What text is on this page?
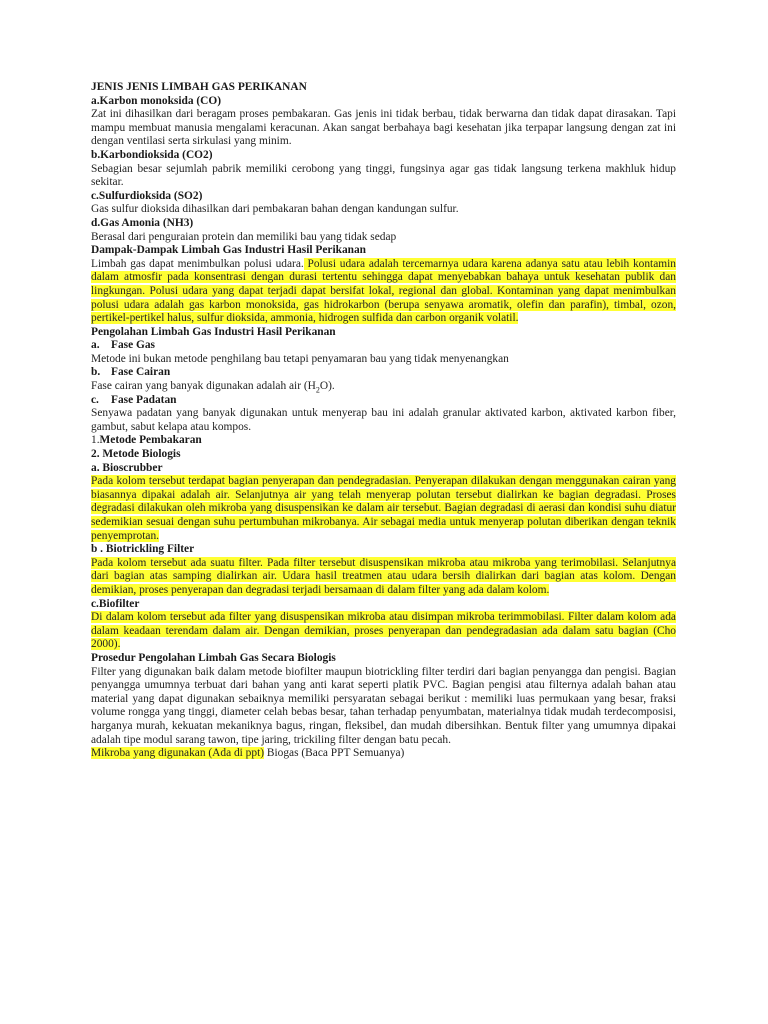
JENIS JENIS LIMBAH GAS PERIKANAN
a.Karbon monoksida (CO)

Zat ini dihasilkan dari beragam proses pembakaran. Gas jenis ini tidak berbau, tidak berwarna dan tidak dapat dirasakan. Tapi mampu membuat manusia mengalami keracunan. Akan sangat berbahaya bagi kesehatan jika terpapar langsung dengan zat ini dengan ventilasi serta sirkulasi yang minim.

b.Karbondioksida (CO2)

Sebagian besar sejumlah pabrik memiliki cerobong yang tinggi, fungsinya agar gas tidak langsung terkena makhluk hidup sekitar.

c.Sulfurdioksida (SO2)

Gas sulfur dioksida dihasilkan dari pembakaran bahan dengan kandungan sulfur.

d.Gas Amonia (NH3)

Berasal dari penguraian protein dan memiliki bau yang tidak sedap

Dampak-Dampak Limbah Gas Industri Hasil Perikanan

Limbah gas dapat menimbulkan polusi udara. Polusi udara adalah tercemarnya udara karena adanya satu atau lebih kontamin dalam atmosfir pada konsentrasi dengan durasi tertentu sehingga dapat menyebabkan bahaya untuk kesehatan publik dan lingkungan. Polusi udara yang dapat terjadi dapat bersifat lokal, regional dan global. Kontaminan yang dapat menimbulkan polusi udara adalah gas karbon monoksida, gas hidrokarbon (berupa senyawa aromatik, olefin dan parafin), timbal, ozon, pertikel-pertikel halus, sulfur dioksida, ammonia, hidrogen sulfida dan carbon organik volatil.

Pengolahan Limbah Gas Industri Hasil Perikanan
a. Fase Gas

Metode ini bukan metode penghilang bau tetapi penyamaran bau yang tidak menyenangkan

b. Fase Cairan

Fase cairan yang banyak digunakan adalah air $(H_2O)$.

c. Fase Padatan

Senyawa padatan yang banyak digunakan untuk menyerap bau ini adalah granular aktivated karbon, aktivated karbon fiber, gambut, sabut kelapa atau kompos.

1.Metode Pembakaran
2. Metode Biologis
a. Bioscrubber

Pada kolom tersebut terdapat bagian penyerapan dan pendegradasian. Penyerapan dilakukan dengan menggunakan cairan yang biasannya dipakai adalah air. Selanjutnya air yang telah menyerap polutan tersebut dialirkan ke bagian degradasi. Proses degradasi dilakukan oleh mikroba yang disuspensikan ke dalam air tersebut. Bagian degradasi di aerasi dan kondisi suhu diatur sedemikian sesuai dengan suhu pertumbuhan mikrobanya. Air sebagai media untuk menyerap polutan diberikan dengan teknik penyemprotan.

b . Biotrickling Filter

Pada kolom tersebut ada suatu filter. Pada filter tersebut disuspensikan mikroba atau mikroba yang terimobilasi. Selanjutnya dari bagian atas samping dialirkan air. Udara hasil treatmen atau udara bersih dialirkan dari bagian atas kolom. Dengan demikian, proses penyerapan dan degradasi terjadi bersamaan di dalam filter yang ada dalam kolom.

c.Biofilter

Di dalam kolom tersebut ada filter yang disuspensikan mikroba atau disimpan mikroba terimmobilasi. Filter dalam kolom ada dalam keadaan terendam dalam air. Dengan demikian, proses penyerapan dan pendegradasian ada dalam satu bagian (Cho 2000).

Prosedur Pengolahan Limbah Gas Secara Biologis

Filter yang digunakan baik dalam metode biofilter maupun biotrickling filter terdiri dari bagian penyangga dan pengisi. Bagian penyangga umumnya terbuat dari bahan yang anti karat seperti platik PVC. Bagian pengisi atau filternya adalah bahan atau material yang dapat digunakan sebaiknya memiliki persyaratan sebagai berikut : memiliki luas permukaan yang besar, fraksi volume rongga yang tinggi, diameter celah bebas besar, tahan terhadap penyumbatan, materialnya tidak mudah terdecomposisi, harganya murah, kekuatan mekaniknya bagus, ringan, fleksibel, dan mudah dibersihkan. Bentuk filter yang umumnya dipakai adalah tipe modul sarang tawon, tipe jaring, trickiling filter dengan batu pecah.

Mikroba yang digunakan (Ada di ppt) Biogas (Baca PPT Semuanya)
